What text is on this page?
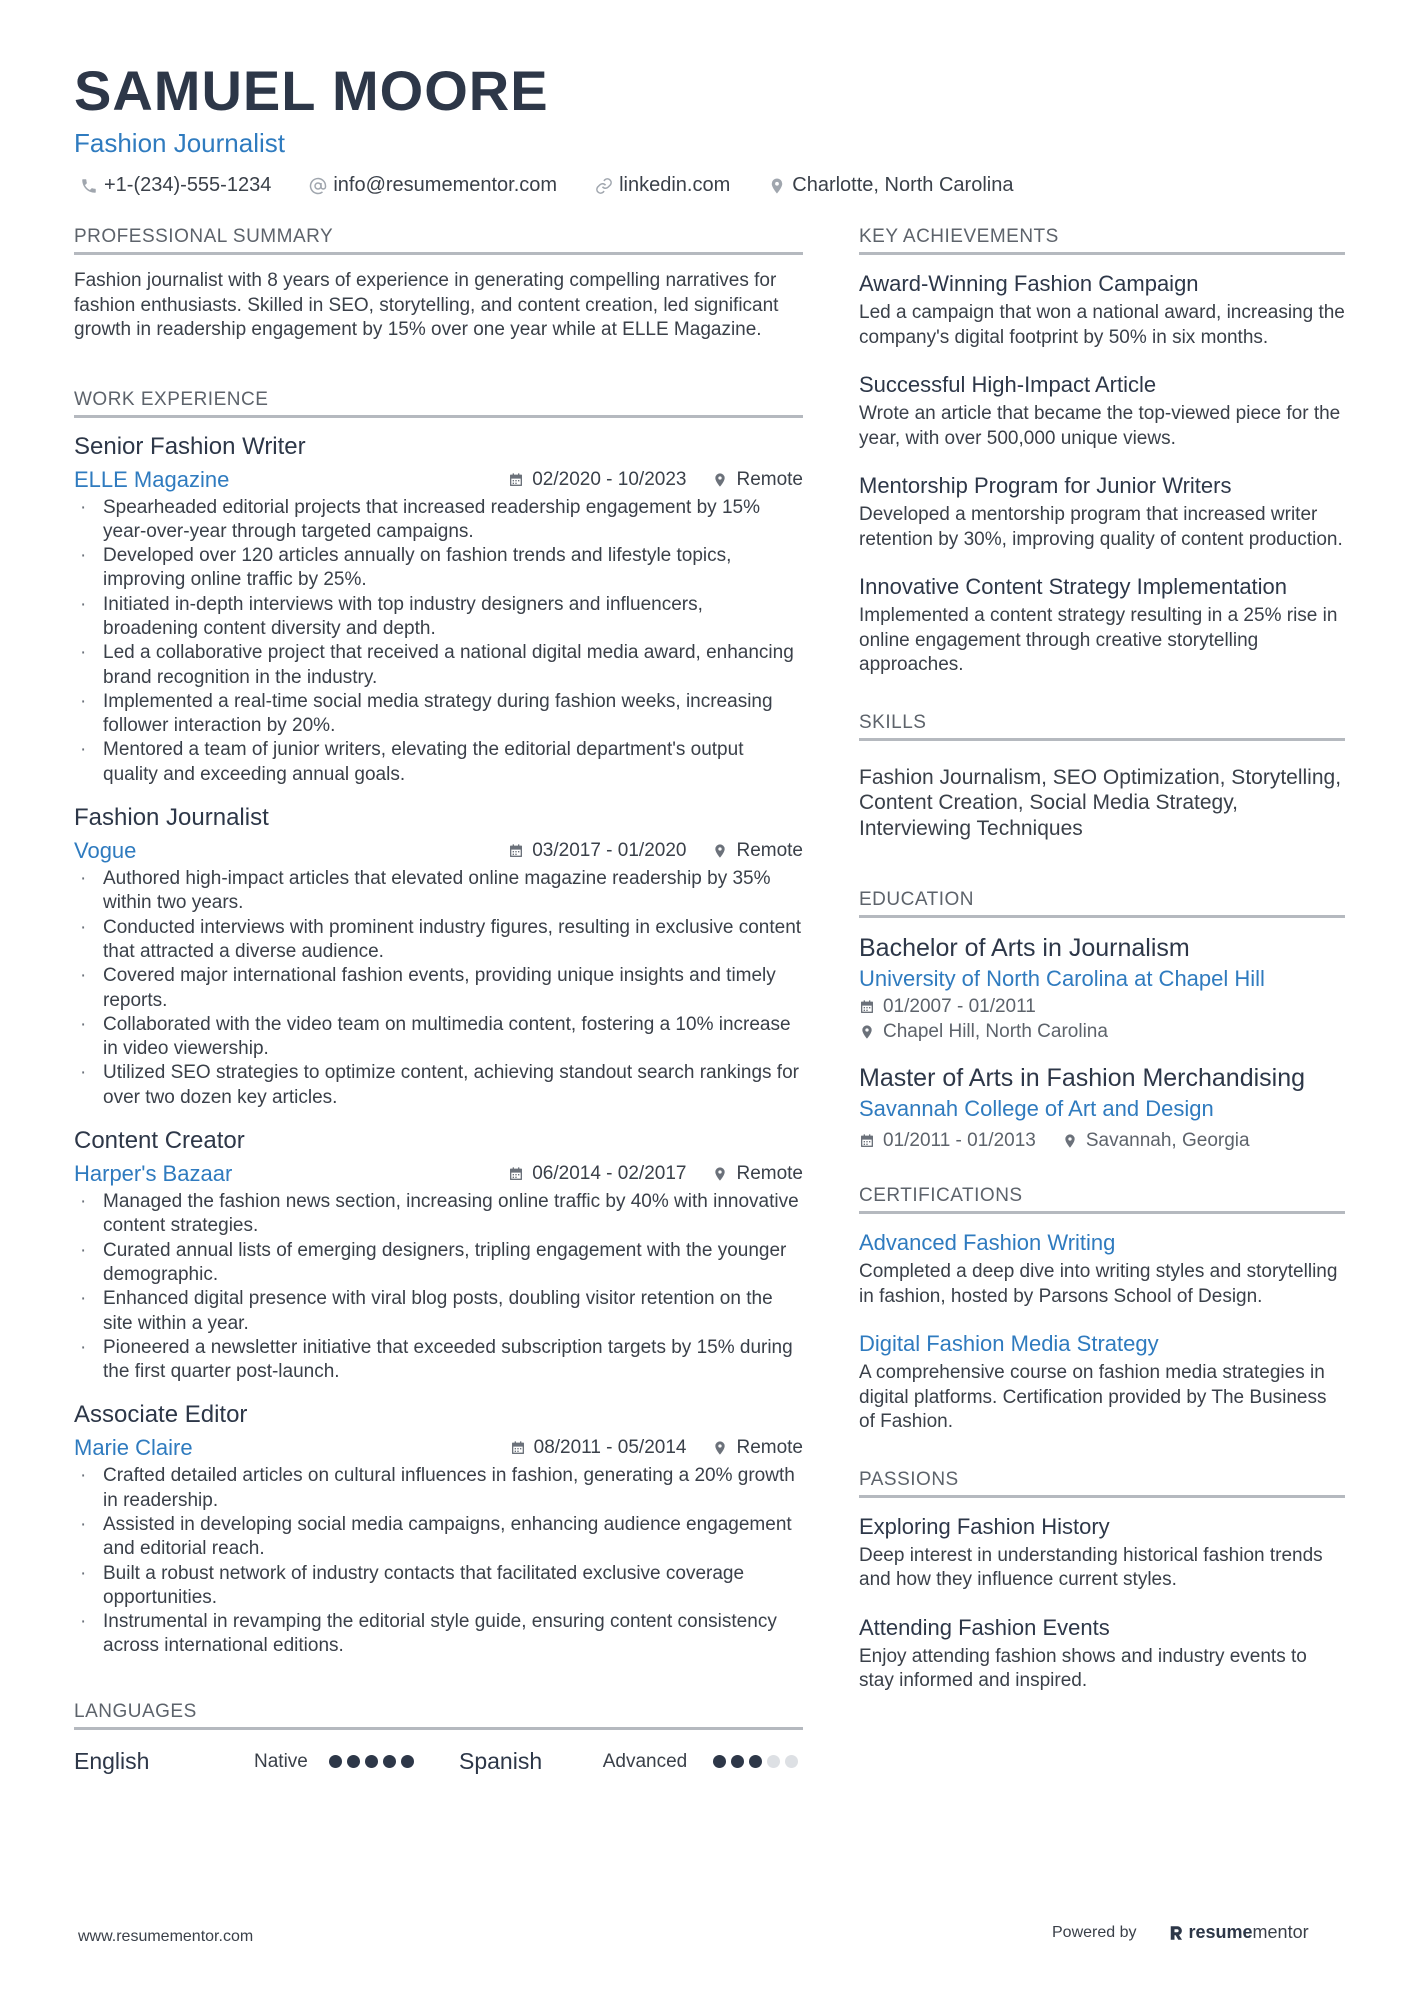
SAMUEL MOORE
Fashion Journalist
+1-(234)-555-1234	info@resumementor.com	linkedin.com	Charlotte, North Carolina
PROFESSIONAL SUMMARY

Fashion journalist with 8 years of experience in generating compelling narratives for fashion enthusiasts. Skilled in SEO, storytelling, and content creation, led significant growth in readership engagement by 15% over one year while at ELLE Magazine.

WORK EXPERIENCE
Senior Fashion Writer
ELLE Magazine	02/2020 - 10/2023	Remote
· Spearheaded editorial projects that increased readership engagement by 15% year-over-year through targeted campaigns.
· Developed over 120 articles annually on fashion trends and lifestyle topics, improving online traffic by 25%.
· Initiated in-depth interviews with top industry designers and influencers, broadening content diversity and depth.
· Led a collaborative project that received a national digital media award, enhancing brand recognition in the industry.
· Implemented a real-time social media strategy during fashion weeks, increasing follower interaction by 20%.
· Mentored a team of junior writers, elevating the editorial department's output quality and exceeding annual goals.
Fashion Journalist
Vogue	03/2017 - 01/2020	Remote
· Authored high-impact articles that elevated online magazine readership by 35% within two years.
· Conducted interviews with prominent industry figures, resulting in exclusive content that attracted a diverse audience.
· Covered major international fashion events, providing unique insights and timely reports.
· Collaborated with the video team on multimedia content, fostering a 10% increase in video viewership.
· Utilized SEO strategies to optimize content, achieving standout search rankings for over two dozen key articles.
Content Creator
Harper's Bazaar	06/2014 - 02/2017	Remote
· Managed the fashion news section, increasing online traffic by 40% with innovative content strategies.
· Curated annual lists of emerging designers, tripling engagement with the younger demographic.
· Enhanced digital presence with viral blog posts, doubling visitor retention on the site within a year.
· Pioneered a newsletter initiative that exceeded subscription targets by 15% during the first quarter post-launch.
Associate Editor
Marie Claire	08/2011 - 05/2014	Remote
· Crafted detailed articles on cultural influences in fashion, generating a 20% growth in readership.
· Assisted in developing social media campaigns, enhancing audience engagement and editorial reach.
· Built a robust network of industry contacts that facilitated exclusive coverage opportunities.
· Instrumental in revamping the editorial style guide, ensuring content consistency across international editions.
LANGUAGES
English	Native	Spanish	Advanced
KEY ACHIEVEMENTS
Award-Winning Fashion Campaign

Led a campaign that won a national award, increasing the company's digital footprint by 50% in six months.

Successful High-Impact Article

Wrote an article that became the top-viewed piece for the year, with over 500,000 unique views.

Mentorship Program for Junior Writers

Developed a mentorship program that increased writer retention by 30%, improving quality of content production.

Innovative Content Strategy Implementation

Implemented a content strategy resulting in a 25% rise in online engagement through creative storytelling approaches.

SKILLS

Fashion Journalism, SEO Optimization, Storytelling, Content Creation, Social Media Strategy, Interviewing Techniques

EDUCATION
Bachelor of Arts in Journalism
University of North Carolina at Chapel Hill
01/2007 - 01/2011
Chapel Hill, North Carolina
Master of Arts in Fashion Merchandising
Savannah College of Art and Design
01/2011 - 01/2013	Savannah, Georgia
CERTIFICATIONS
Advanced Fashion Writing

Completed a deep dive into writing styles and storytelling in fashion, hosted by Parsons School of Design.

Digital Fashion Media Strategy

A comprehensive course on fashion media strategies in digital platforms. Certification provided by The Business of Fashion.

PASSIONS
Exploring Fashion History

Deep interest in understanding historical fashion trends and how they influence current styles.

Attending Fashion Events

Enjoy attending fashion shows and industry events to stay informed and inspired.

www.resumementor.com	Powered by	resume mentor
